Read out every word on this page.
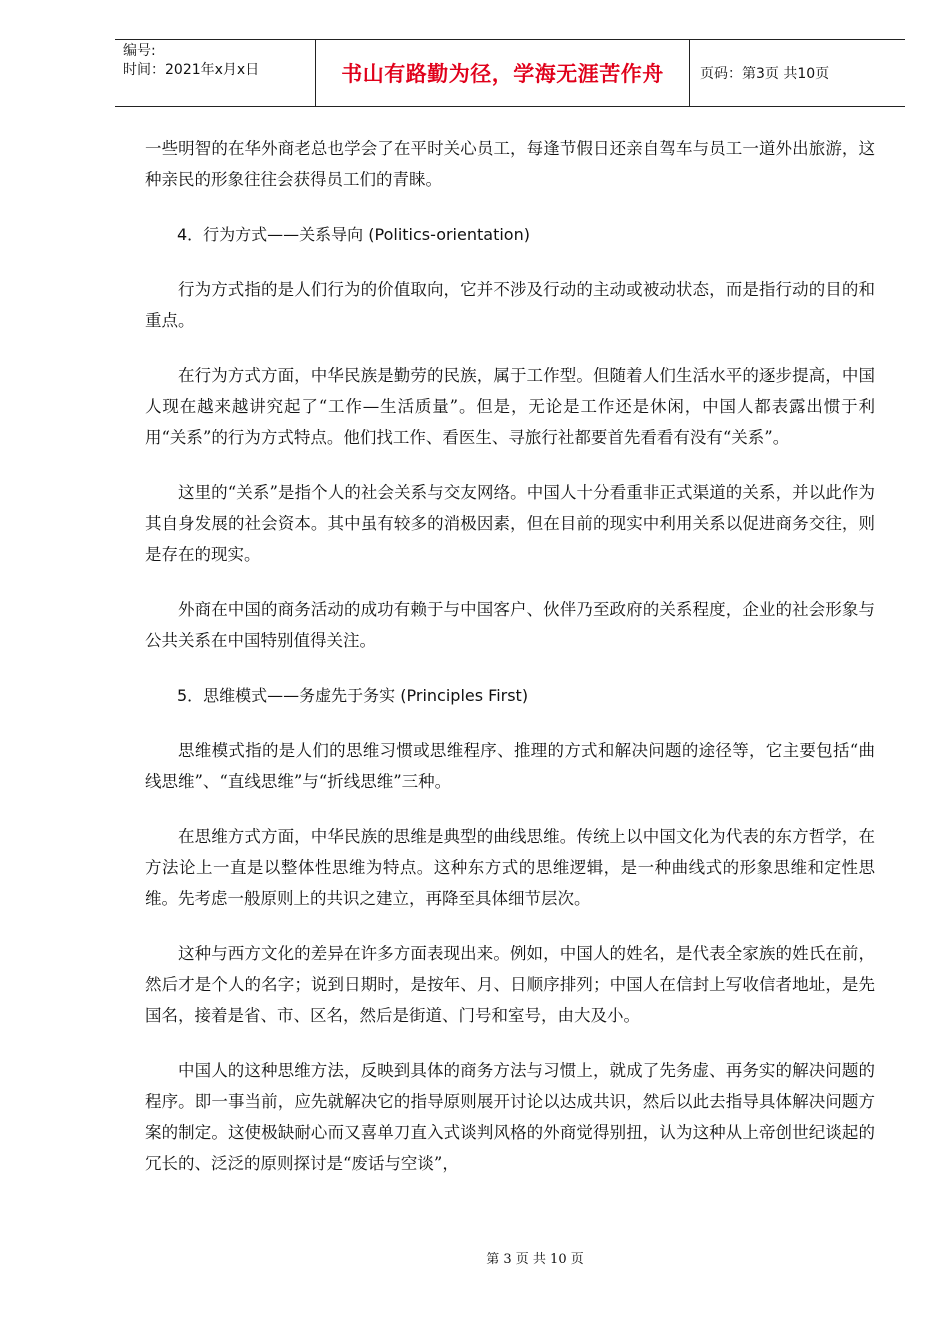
编号:
时间：2021年x月x日	书山有路勤为径，学海无涯苦作舟	页码：第3页 共10页

一些明智的在华外商老总也学会了在平时关心员工，每逢节假日还亲自驾车与员工一道外出旅游，这种亲民的形象往往会获得员工们的青睐。

4．行为方式——关系导向 (Politics-orientation)

行为方式指的是人们行为的价值取向，它并不涉及行动的主动或被动状态，而是指行动的目的和重点。

在行为方式方面，中华民族是勤劳的民族，属于工作型。但随着人们生活水平的逐步提高，中国人现在越来越讲究起了“工作—生活质量”。但是，无论是工作还是休闲，中国人都表露出惯于利用“关系”的行为方式特点。他们找工作、看医生、寻旅行社都要首先看看有没有“关系”。

这里的“关系”是指个人的社会关系与交友网络。中国人十分看重非正式渠道的关系，并以此作为其自身发展的社会资本。其中虽有较多的消极因素，但在目前的现实中利用关系以促进商务交往，则是存在的现实。

外商在中国的商务活动的成功有赖于与中国客户、伙伴乃至政府的关系程度，企业的社会形象与公共关系在中国特别值得关注。

5．思维模式——务虚先于务实 (Principles First)

思维模式指的是人们的思维习惯或思维程序、推理的方式和解决问题的途径等，它主要包括“曲线思维”、“直线思维”与“折线思维”三种。

在思维方式方面，中华民族的思维是典型的曲线思维。传统上以中国文化为代表的东方哲学，在方法论上一直是以整体性思维为特点。这种东方式的思维逻辑，是一种曲线式的形象思维和定性思维。先考虑一般原则上的共识之建立，再降至具体细节层次。

这种与西方文化的差异在许多方面表现出来。例如，中国人的姓名，是代表全家族的姓氏在前，然后才是个人的名字；说到日期时，是按年、月、日顺序排列；中国人在信封上写收信者地址，是先国名，接着是省、市、区名，然后是街道、门号和室号，由大及小。

中国人的这种思维方法，反映到具体的商务方法与习惯上，就成了先务虚、再务实的解决问题的程序。即一事当前，应先就解决它的指导原则展开讨论以达成共识，然后以此去指导具体解决问题方案的制定。这使极缺耐心而又喜单刀直入式谈判风格的外商觉得别扭，认为这种从上帝创世纪谈起的冗长的、泛泛的原则探讨是“废话与空谈”，

第 3 页 共 10 页
